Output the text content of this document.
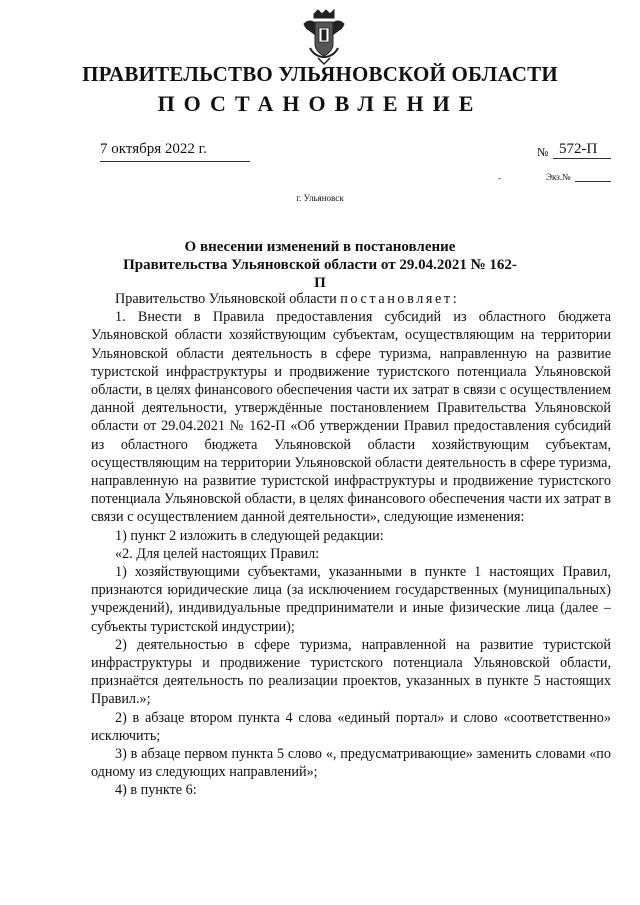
ПРАВИТЕЛЬСТВО УЛЬЯНОВСКОЙ ОБЛАСТИ
ПОСТАНОВЛЕНИЕ
7 октября 2022 г.	№ 572-П
-	Экз.№
г. Ульяновск
О внесении изменений в постановление
Правительства Ульяновской области от 29.04.2021 № 162-П

Правительство Ульяновской области постановляет:

1. Внести в Правила предоставления субсидий из областного бюджета Ульяновской области хозяйствующим субъектам, осуществляющим на территории Ульяновской области деятельность в сфере туризма, направленную на развитие туристской инфраструктуры и продвижение туристского потенциала Ульяновской области, в целях финансового обеспечения части их затрат в связи с осуществлением данной деятельности, утверждённые постановлением Правительства Ульяновской области от 29.04.2021 № 162-П «Об утверждении Правил предоставления субсидий из областного бюджета Ульяновской области хозяйствующим субъектам, осуществляющим на территории Ульяновской области деятельность в сфере туризма, направленную на развитие туристской инфраструктуры и продвижение туристского потенциала Ульяновской области, в целях финансового обеспечения части их затрат в связи с осуществлением данной деятельности», следующие изменения:

1) пункт 2 изложить в следующей редакции:

«2. Для целей настоящих Правил:

1) хозяйствующими субъектами, указанными в пункте 1 настоящих Правил, признаются юридические лица (за исключением государственных (муниципальных) учреждений), индивидуальные предприниматели и иные физические лица (далее – субъекты туристской индустрии);

2) деятельностью в сфере туризма, направленной на развитие туристской инфраструктуры и продвижение туристского потенциала Ульяновской области, признаётся деятельность по реализации проектов, указанных в пункте 5 настоящих Правил.»;

2) в абзаце втором пункта 4 слова «единый портал» и слово «соответственно» исключить;

3) в абзаце первом пункта 5 слово «, предусматривающие» заменить словами «по одному из следующих направлений»;

4) в пункте 6:
